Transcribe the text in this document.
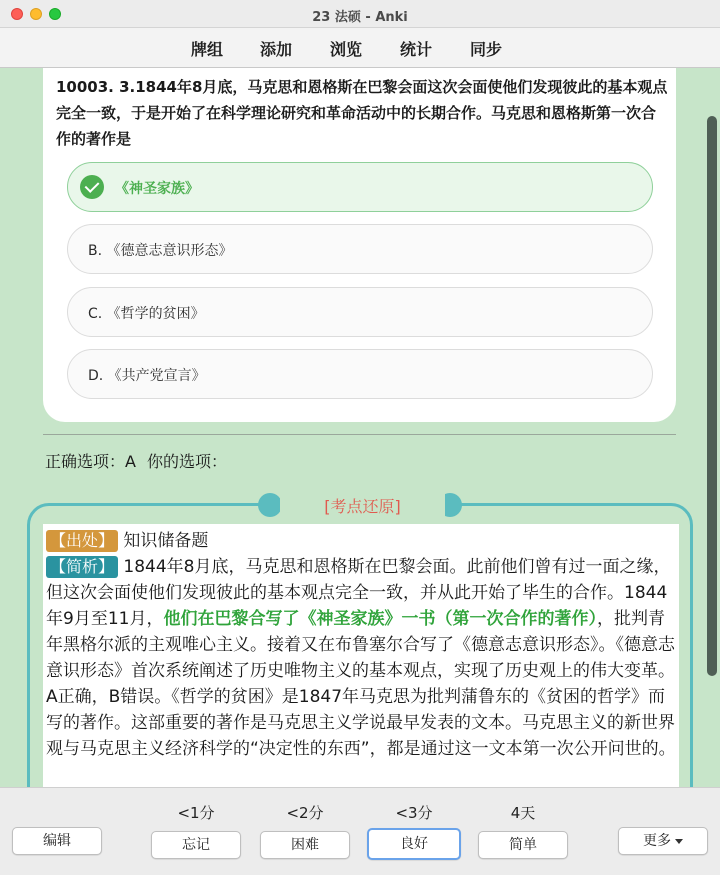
23 法硕 - Anki
牌组 添加 浏览 统计 同步
10003. 3.1844年8月底，马克思和恩格斯在巴黎会面这次会面使他们发现彼此的基本观点完全一致，于是开始了在科学理论研究和革命活动中的长期合作。马克思和恩格斯第一次合作的著作是
《神圣家族》
B. 《德意志意识形态》
C. 《哲学的贫困》
D. 《共产党宣言》
正确选项：A 你的选项：
[考点还原]
【出处】 知识储备题
【简析】 1844年8月底，马克思和恩格斯在巴黎会面。此前他们曾有过一面之缘，但这次会面使他们发现彼此的基本观点完全一致，并从此开始了毕生的合作。1844年9月至11月，他们在巴黎合写了《神圣家族》一书（第一次合作的著作），批判青年黑格尔派的主观唯心主义。接着又在布鲁塞尔合写了《德意志意识形态》。《德意志意识形态》首次系统阐述了历史唯物主义的基本观点，实现了历史观上的伟大变革。A正确，B错误。《哲学的贫困》是1847年马克思为批判蒲鲁东的《贫困的哲学》而写的著作。这部重要的著作是马克思主义学说最早发表的文本。马克思主义的新世界观与马克思主义经济科学的“决定性的东西”，都是通过这一文本第一次公开问世的。
<1分	<2分	<3分	4天
编辑	忘记	困难	良好	简单	更多
